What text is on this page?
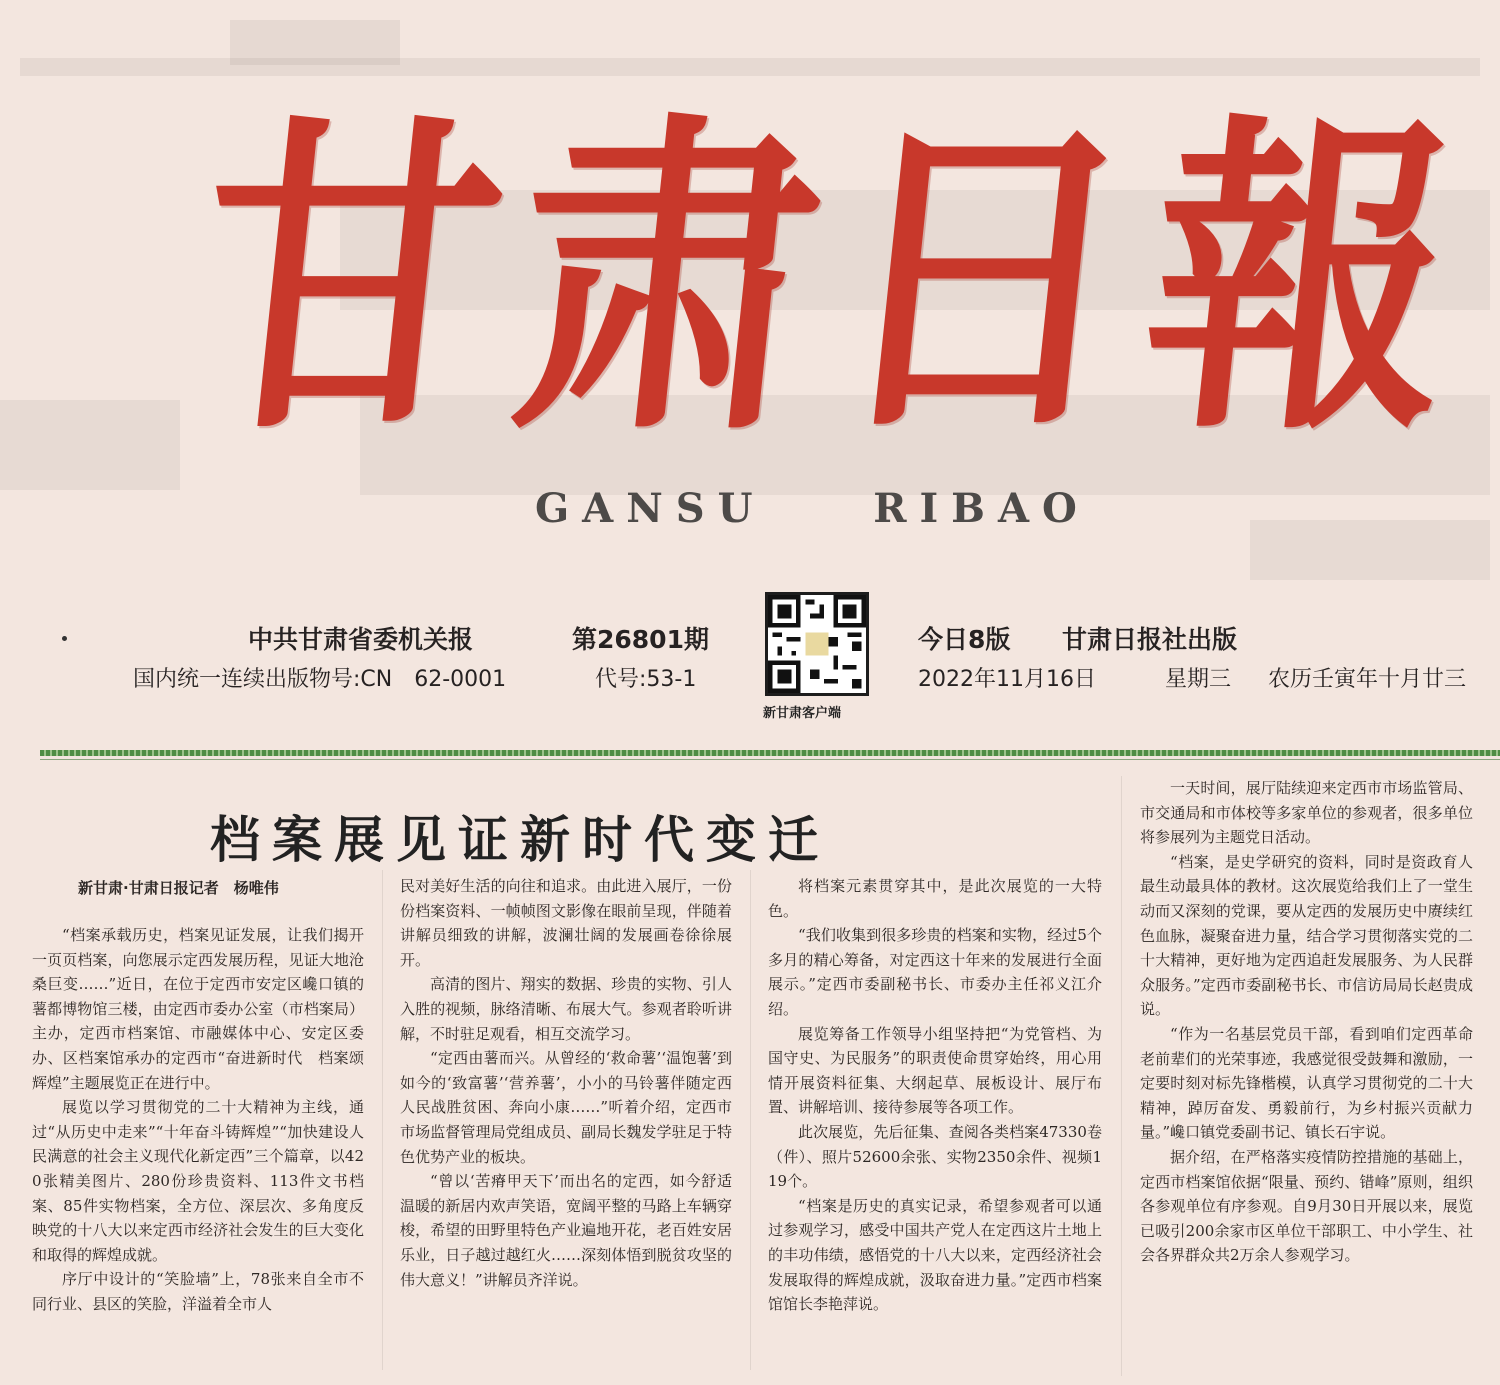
甘
肃
日
報
GANSU    RIBAO
中共甘肃省委机关报	第26801期
国内统一连续出版物号:CN　62-0001	代号:53-1
新甘肃客户端
今日8版 甘肃日报社出版
2022年11月16日	星期三 农历壬寅年十月廿三
档案展见证新时代变迁
新甘肃·甘肃日报记者　杨唯伟

“档案承载历史，档案见证发展，让我们揭开一页页档案，向您展示定西发展历程，见证大地沧桑巨变……”近日，在位于定西市安定区巉口镇的薯都博物馆三楼，由定西市委办公室（市档案局）主办，定西市档案馆、市融媒体中心、安定区委办、区档案馆承办的定西市“奋进新时代　档案颂辉煌”主题展览正在进行中。

展览以学习贯彻党的二十大精神为主线，通过“从历史中走来”“十年奋斗铸辉煌”“加快建设人民满意的社会主义现代化新定西”三个篇章，以420张精美图片、280份珍贵资料、113件文书档案、85件实物档案，全方位、深层次、多角度反映党的十八大以来定西市经济社会发生的巨大变化和取得的辉煌成就。

序厅中设计的“笑脸墙”上，78张来自全市不同行业、县区的笑脸，洋溢着全市人

民对美好生活的向往和追求。由此进入展厅，一份份档案资料、一帧帧图文影像在眼前呈现，伴随着讲解员细致的讲解，波澜壮阔的发展画卷徐徐展开。

高清的图片、翔实的数据、珍贵的实物、引人入胜的视频，脉络清晰、布展大气。参观者聆听讲解，不时驻足观看，相互交流学习。

“定西由薯而兴。从曾经的‘救命薯’‘温饱薯’到如今的‘致富薯’‘营养薯’，小小的马铃薯伴随定西人民战胜贫困、奔向小康……”听着介绍，定西市市场监督管理局党组成员、副局长魏发学驻足于特色优势产业的板块。

“曾以‘苦瘠甲天下’而出名的定西，如今舒适温暖的新居内欢声笑语，宽阔平整的马路上车辆穿梭，希望的田野里特色产业遍地开花，老百姓安居乐业，日子越过越红火……深刻体悟到脱贫攻坚的伟大意义！”讲解员齐洋说。

将档案元素贯穿其中，是此次展览的一大特色。

“我们收集到很多珍贵的档案和实物，经过5个多月的精心筹备，对定西这十年来的发展进行全面展示。”定西市委副秘书长、市委办主任祁义江介绍。

展览筹备工作领导小组坚持把“为党管档、为国守史、为民服务”的职责使命贯穿始终，用心用情开展资料征集、大纲起草、展板设计、展厅布置、讲解培训、接待参展等各项工作。

此次展览，先后征集、查阅各类档案47330卷（件）、照片52600余张、实物2350余件、视频119个。

“档案是历史的真实记录，希望参观者可以通过参观学习，感受中国共产党人在定西这片土地上的丰功伟绩，感悟党的十八大以来，定西经济社会发展取得的辉煌成就，汲取奋进力量。”定西市档案馆馆长李艳萍说。

一天时间，展厅陆续迎来定西市市场监管局、市交通局和市体校等多家单位的参观者，很多单位将参展列为主题党日活动。

“档案，是史学研究的资料，同时是资政育人最生动最具体的教材。这次展览给我们上了一堂生动而又深刻的党课，要从定西的发展历史中赓续红色血脉，凝聚奋进力量，结合学习贯彻落实党的二十大精神，更好地为定西追赶发展服务、为人民群众服务。”定西市委副秘书长、市信访局局长赵贵成说。

“作为一名基层党员干部，看到咱们定西革命老前辈们的光荣事迹，我感觉很受鼓舞和激励，一定要时刻对标先锋楷模，认真学习贯彻党的二十大精神，踔厉奋发、勇毅前行，为乡村振兴贡献力量。”巉口镇党委副书记、镇长石宇说。

据介绍，在严格落实疫情防控措施的基础上，定西市档案馆依据“限量、预约、错峰”原则，组织各参观单位有序参观。自9月30日开展以来，展览已吸引200余家市区单位干部职工、中小学生、社会各界群众共2万余人参观学习。
